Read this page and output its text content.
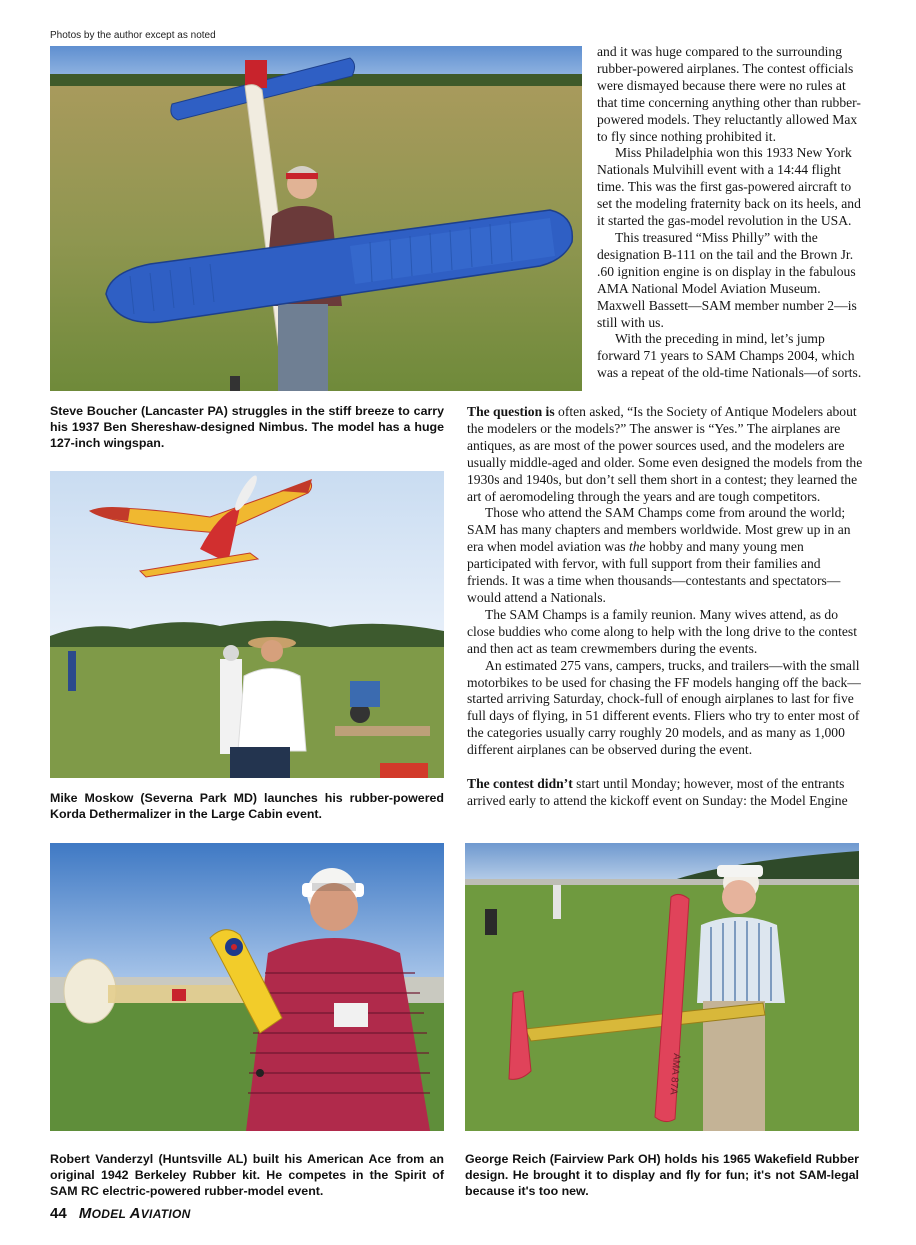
Photos by the author except as noted

Steve Boucher (Lancaster PA) struggles in the stiff breeze to carry his 1937 Ben Shereshaw-designed Nimbus. The model has a huge 127-inch wingspan.

and it was huge compared to the surrounding rubber-powered airplanes. The contest officials were dismayed because there were no rules at that time concerning anything other than rubber-powered models. They reluctantly allowed Max to fly since nothing prohibited it.

Miss Philadelphia won this 1933 New York Nationals Mulvihill event with a 14:44 flight time. This was the first gas-powered aircraft to set the modeling fraternity back on its heels, and it started the gas-model revolution in the USA.

This treasured “Miss Philly” with the designation B-111 on the tail and the Brown Jr. .60 ignition engine is on display in the fabulous AMA National Model Aviation Museum. Maxwell Bassett—SAM member number 2—is still with us.

With the preceding in mind, let’s jump forward 71 years to SAM Champs 2004, which was a repeat of the old-time Nationals—of sorts.

Mike Moskow (Severna Park MD) launches his rubber-powered Korda Dethermalizer in the Large Cabin event.

The question is often asked, “Is the Society of Antique Modelers about the modelers or the models?” The answer is “Yes.” The airplanes are antiques, as are most of the power sources used, and the modelers are usually middle-aged and older. Some even designed the models from the 1930s and 1940s, but don’t sell them short in a contest; they learned the art of aeromodeling through the years and are tough competitors.

Those who attend the SAM Champs come from around the world; SAM has many chapters and members worldwide. Most grew up in an era when model aviation was the hobby and many young men participated with fervor, with full support from their families and friends. It was a time when thousands—contestants and spectators—would attend a Nationals.

The SAM Champs is a family reunion. Many wives attend, as do close buddies who come along to help with the long drive to the contest and then act as team crewmembers during the events.

An estimated 275 vans, campers, trucks, and trailers—with the small motorbikes to be used for chasing the FF models hanging off the back—started arriving Saturday, chock-full of enough airplanes to last for five full days of flying, in 51 different events. Fliers who try to enter most of the categories usually carry roughly 20 models, and as many as 1,000 different airplanes can be observed during the event.

The contest didn’t start until Monday; however, most of the entrants arrived early to attend the kickoff event on Sunday: the Model Engine

Robert Vanderzyl (Huntsville AL) built his American Ace from an original 1942 Berkeley Rubber kit. He competes in the Spirit of SAM RC electric-powered rubber-model event.

AMA 87A

George Reich (Fairview Park OH) holds his 1965 Wakefield Rubber design. He brought it to display and fly for fun; it's not SAM-legal because it's too new.

44 MODEL AVIATION
